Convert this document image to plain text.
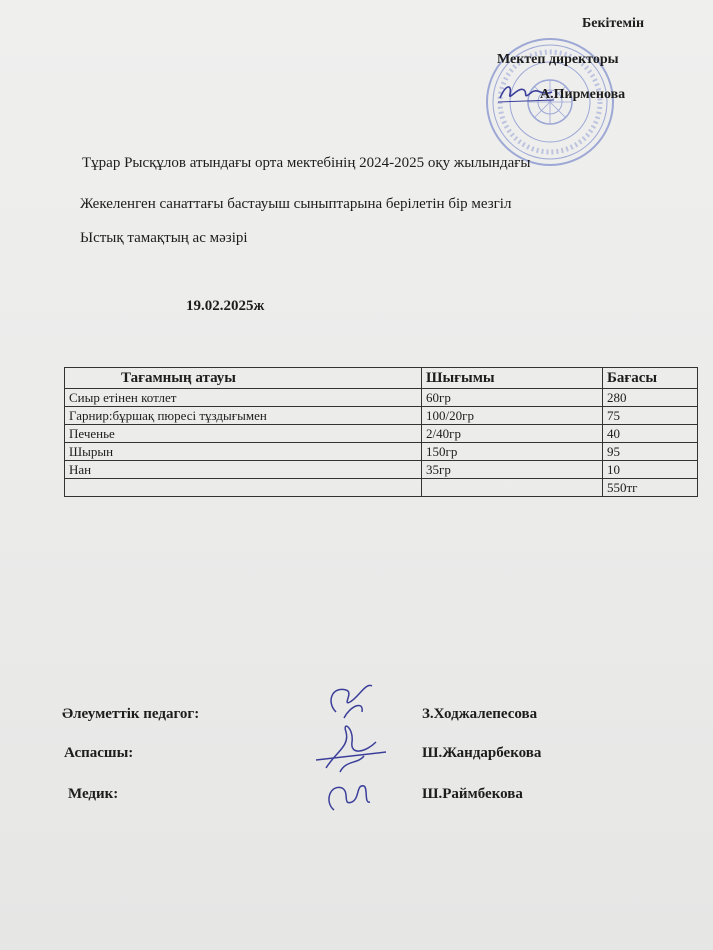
Бекітемін
Мектеп директоры
А.Пирменова
Тұрар Рысқұлов атындағы орта мектебінің 2024-2025 оқу жылындағы
Жекеленген санаттағы бастауыш сыныптарына берілетін бір мезгіл
Ыстық тамақтың ас мәзірі
19.02.2025ж
Тағамның атауы	Шығымы	Бағасы
Сиыр етінен котлет	60гр	280
Гарнир:бұршақ пюресі тұздығымен	100/20гр	75
Печенье	2/40гр	40
Шырын	150гр	95
Нан	35гр	10
		550тг
Әлеуметтік педагог:	З.Ходжалепесова
Аспасшы:	Ш.Жандарбекова
Медик:	Ш.Раймбекова
